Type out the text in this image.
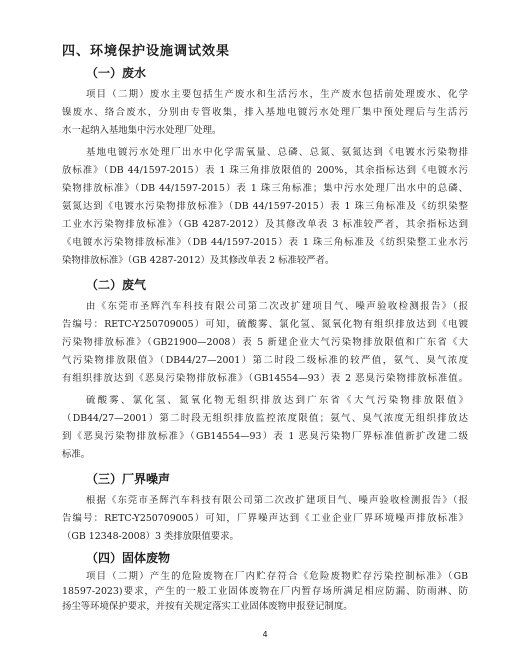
四、环境保护设施调试效果
（一）废水
项目（二期）废水主要包括生产废水和生活污水，生产废水包括前处理废水、化学
镍废水、络合废水，分别由专管收集，排入基地电镀污水处理厂集中预处理后与生活污
水一起纳入基地集中污水处理厂处理。
基地电镀污水处理厂出水中化学需氧量、总磷、总氮、氨氮达到《电镀水污染物排
放标准》（DB 44/1597-2015）表 1 珠三角排放限值的 200%，其余指标达到《电镀水污
染物排放标准》（DB 44/1597-2015）表 1 珠三角标准；集中污水处理厂出水中的总磷、
氨氮达到《电镀水污染物排放标准》（DB 44/1597-2015）表 1 珠三角标准及《纺织染整
工业水污染物排放标准》（GB 4287-2012）及其修改单表 3 标准较严者，其余指标达到
《电镀水污染物排放标准》（DB 44/1597-2015）表 1 珠三角标准及《纺织染整工业水污
染物排放标准》（GB 4287-2012）及其修改单表 2 标准较严者。
（二）废气
由《东莞市圣辉汽车科技有限公司第二次改扩建项目气、噪声验收检测报告》（报
告编号：RETC-Y250709005）可知，硫酸雾、氯化氢、氮氧化物有组织排放达到《电镀
污染物排放标准》（GB21900—2008）表 5 新建企业大气污染物排放限值和广东省《大
气污染物排放限值》（DB44/27—2001）第二时段二级标准的较严值，氨气、臭气浓度
有组织排放达到《恶臭污染物排放标准》（GB14554—93）表 2 恶臭污染物排放标准值。
硫酸雾、氯化氢、氮氧化物无组织排放达到广东省《大气污染物排放限值》
（DB44/27—2001）第二时段无组织排放监控浓度限值；氨气、臭气浓度无组织排放达
到《恶臭污染物排放标准》（GB14554—93）表 1 恶臭污染物厂界标准值新扩改建二级
标准。
（三）厂界噪声
根据《东莞市圣辉汽车科技有限公司第二次改扩建项目气、噪声验收检测报告》（报
告编号：RETC-Y250709005）可知，厂界噪声达到《工业企业厂界环境噪声排放标准》
（GB 12348-2008）3 类排放限值要求。
（四）固体废物
项目（二期）产生的危险废物在厂内贮存符合《危险废物贮存污染控制标准》（GB
18597-2023)要求，产生的一般工业固体废物在厂内暂存场所满足相应防漏、防雨淋、防
扬尘等环境保护要求，并按有关规定落实工业固体废物申报登记制度。
4
